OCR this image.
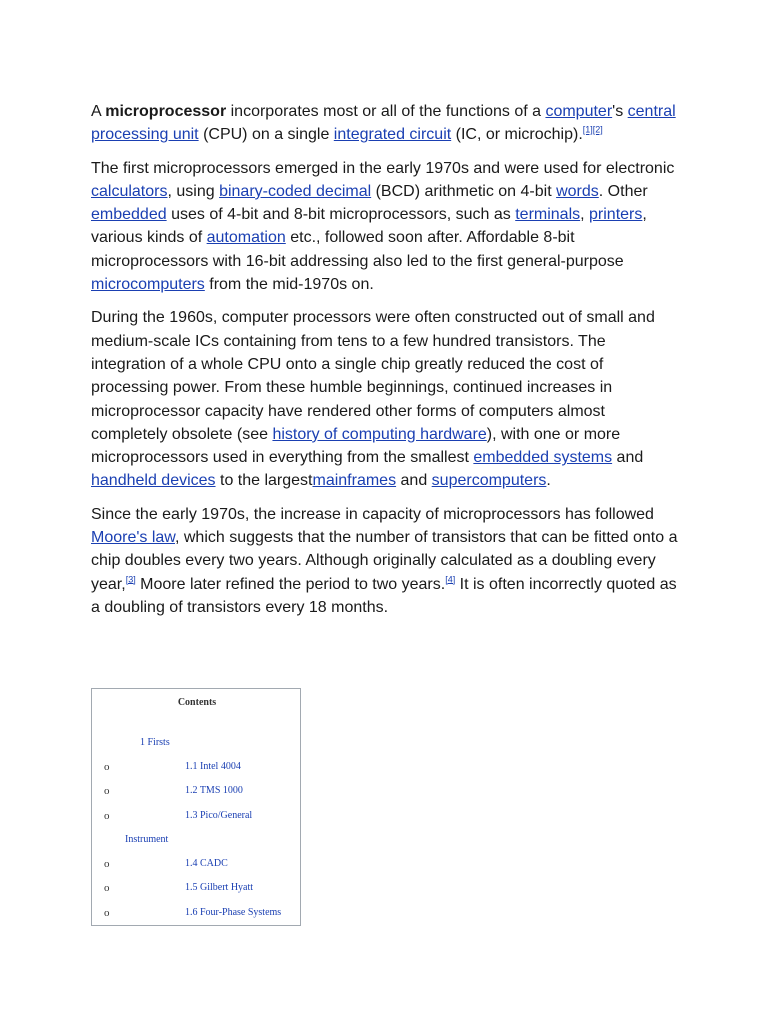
A microprocessor incorporates most or all of the functions of a computer's central processing unit (CPU) on a single integrated circuit (IC, or microchip).[1][2]

The first microprocessors emerged in the early 1970s and were used for electronic calculators, using binary-coded decimal (BCD) arithmetic on 4-bit words. Other embedded uses of 4-bit and 8-bit microprocessors, such as terminals, printers, various kinds of automation etc., followed soon after. Affordable 8-bit microprocessors with 16-bit addressing also led to the first general-purpose microcomputers from the mid-1970s on.

During the 1960s, computer processors were often constructed out of small and medium-scale ICs containing from tens to a few hundred transistors. The integration of a whole CPU onto a single chip greatly reduced the cost of processing power. From these humble beginnings, continued increases in microprocessor capacity have rendered other forms of computers almost completely obsolete (see history of computing hardware), with one or more microprocessors used in everything from the smallest embedded systems and handheld devices to the largestmainframes and supercomputers.

Since the early 1970s, the increase in capacity of microprocessors has followed Moore's law, which suggests that the number of transistors that can be fitted onto a chip doubles every two years. Although originally calculated as a doubling every year,[3] Moore later refined the period to two years.[4] It is often incorrectly quoted as a doubling of transistors every 18 months.

Contents
1 Firsts
o	1.1 Intel 4004
o	1.2 TMS 1000
o	1.3 Pico/General
Instrument
o	1.4 CADC
o	1.5 Gilbert Hyatt
o	1.6 Four-Phase Systems
